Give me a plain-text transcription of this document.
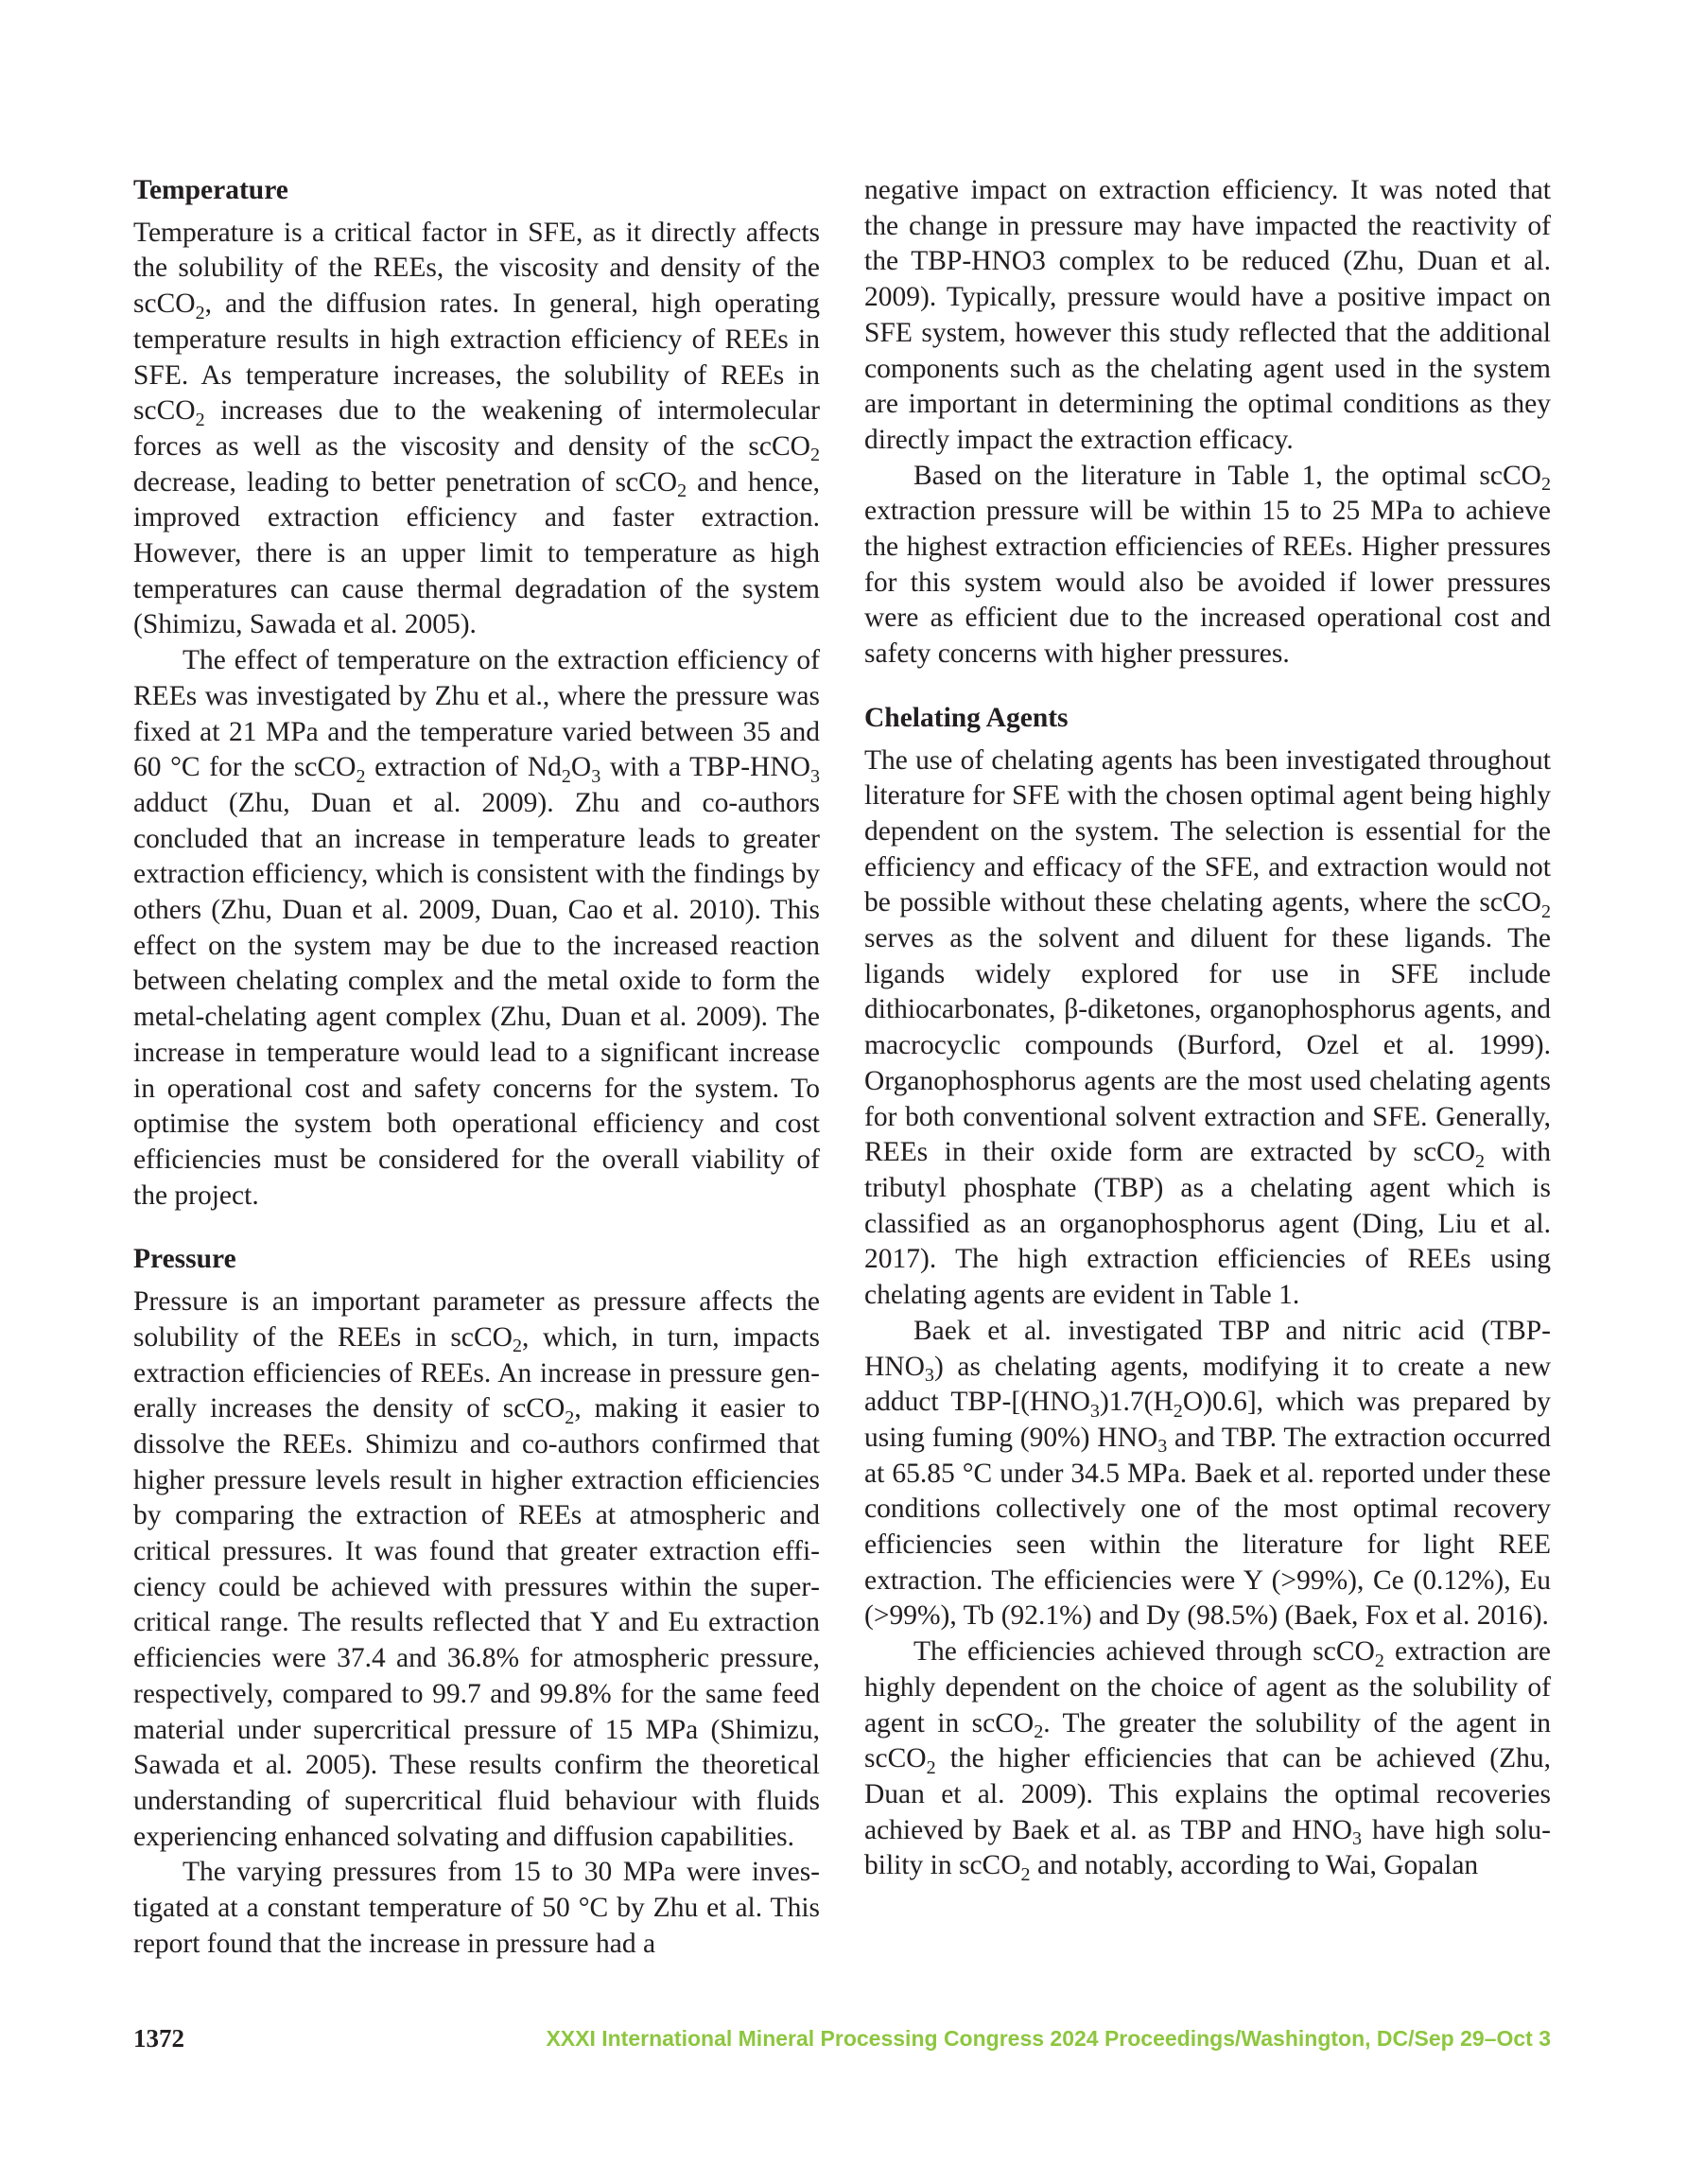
Temperature

Temperature is a critical factor in SFE, as it directly affects the solubility of the REEs, the viscosity and density of the scCO$_2$, and the diffusion rates. In general, high operating temperature results in high extraction efficiency of REEs in SFE. As temperature increases, the solubility of REEs in scCO$_2$ increases due to the weakening of intermolecular forces as well as the viscosity and density of the scCO$_2$ decrease, leading to better penetration of scCO$_2$ and hence, improved extraction efficiency and faster extraction. However, there is an upper limit to temperature as high temperatures can cause thermal degradation of the system (Shimizu, Sawada et al. 2005).

The effect of temperature on the extraction efficiency of REEs was investigated by Zhu et al., where the pressure was fixed at 21 MPa and the temperature varied between 35 and 60 °C for the scCO$_2$ extraction of $Nd_2O_3$ with a TBP-$HNO_3$ adduct (Zhu, Duan et al. 2009). Zhu and co-authors concluded that an increase in temperature leads to greater extraction efficiency, which is consistent with the findings by others (Zhu, Duan et al. 2009, Duan, Cao et al. 2010). This effect on the system may be due to the increased reaction between chelating complex and the metal oxide to form the metal-chelating agent complex (Zhu, Duan et al. 2009). The increase in temperature would lead to a significant increase in operational cost and safety concerns for the system. To optimise the system both operational efficiency and cost efficiencies must be considered for the overall viability of the project.

Pressure

Pressure is an important parameter as pressure affects the solubility of the REEs in scCO$_2$, which, in turn, impacts extraction efficiencies of REEs. An increase in pressure generally increases the density of scCO$_2$, making it easier to dissolve the REEs. Shimizu and co-authors confirmed that higher pressure levels result in higher extraction efficiencies by comparing the extraction of REEs at atmospheric and critical pressures. It was found that greater extraction efficiency could be achieved with pressures within the supercritical range. The results reflected that Y and Eu extraction efficiencies were 37.4 and 36.8% for atmospheric pressure, respectively, compared to 99.7 and 99.8% for the same feed material under supercritical pressure of 15 MPa (Shimizu, Sawada et al. 2005). These results confirm the theoretical understanding of supercritical fluid behaviour with fluids experiencing enhanced solvating and diffusion capabilities.

The varying pressures from 15 to 30 MPa were investigated at a constant temperature of 50 °C by Zhu et al. This report found that the increase in pressure had a

negative impact on extraction efficiency. It was noted that the change in pressure may have impacted the reactivity of the TBP-HNO3 complex to be reduced (Zhu, Duan et al. 2009). Typically, pressure would have a positive impact on SFE system, however this study reflected that the additional components such as the chelating agent used in the system are important in determining the optimal conditions as they directly impact the extraction efficacy.

Based on the literature in Table 1, the optimal scCO$_2$ extraction pressure will be within 15 to 25 MPa to achieve the highest extraction efficiencies of REEs. Higher pressures for this system would also be avoided if lower pressures were as efficient due to the increased operational cost and safety concerns with higher pressures.

Chelating Agents

The use of chelating agents has been investigated throughout literature for SFE with the chosen optimal agent being highly dependent on the system. The selection is essential for the efficiency and efficacy of the SFE, and extraction would not be possible without these chelating agents, where the scCO$_2$ serves as the solvent and diluent for these ligands. The ligands widely explored for use in SFE include dithiocarbonates, β-diketones, organophosphorus agents, and macrocyclic compounds (Burford, Ozel et al. 1999). Organophosphorus agents are the most used chelating agents for both conventional solvent extraction and SFE. Generally, REEs in their oxide form are extracted by scCO$_2$ with tributyl phosphate (TBP) as a chelating agent which is classified as an organophosphorus agent (Ding, Liu et al. 2017). The high extraction efficiencies of REEs using chelating agents are evident in Table 1.

Baek et al. investigated TBP and nitric acid $(TBP-HNO_3)$ as chelating agents, modifying it to create a new adduct TBP-$[(HNO_3)1.7(H_2O)0.6]$, which was prepared by using fuming (90%) $HNO_3$ and TBP. The extraction occurred at 65.85 °C under 34.5 MPa. Baek et al. reported under these conditions collectively one of the most optimal recovery efficiencies seen within the literature for light REE extraction. The efficiencies were Y (>99%), Ce (0.12%), Eu (>99%), Tb (92.1%) and Dy (98.5%) (Baek, Fox et al. 2016).

The efficiencies achieved through scCO$_2$ extraction are highly dependent on the choice of agent as the solubility of agent in scCO$_2$. The greater the solubility of the agent in scCO$_2$ the higher efficiencies that can be achieved (Zhu, Duan et al. 2009). This explains the optimal recoveries achieved by Baek et al. as TBP and $HNO_3$ have high solubility in scCO$_2$ and notably, according to Wai, Gopalan

1372	XXXI International Mineral Processing Congress 2024 Proceedings/Washington, DC/Sep 29–Oct 3
